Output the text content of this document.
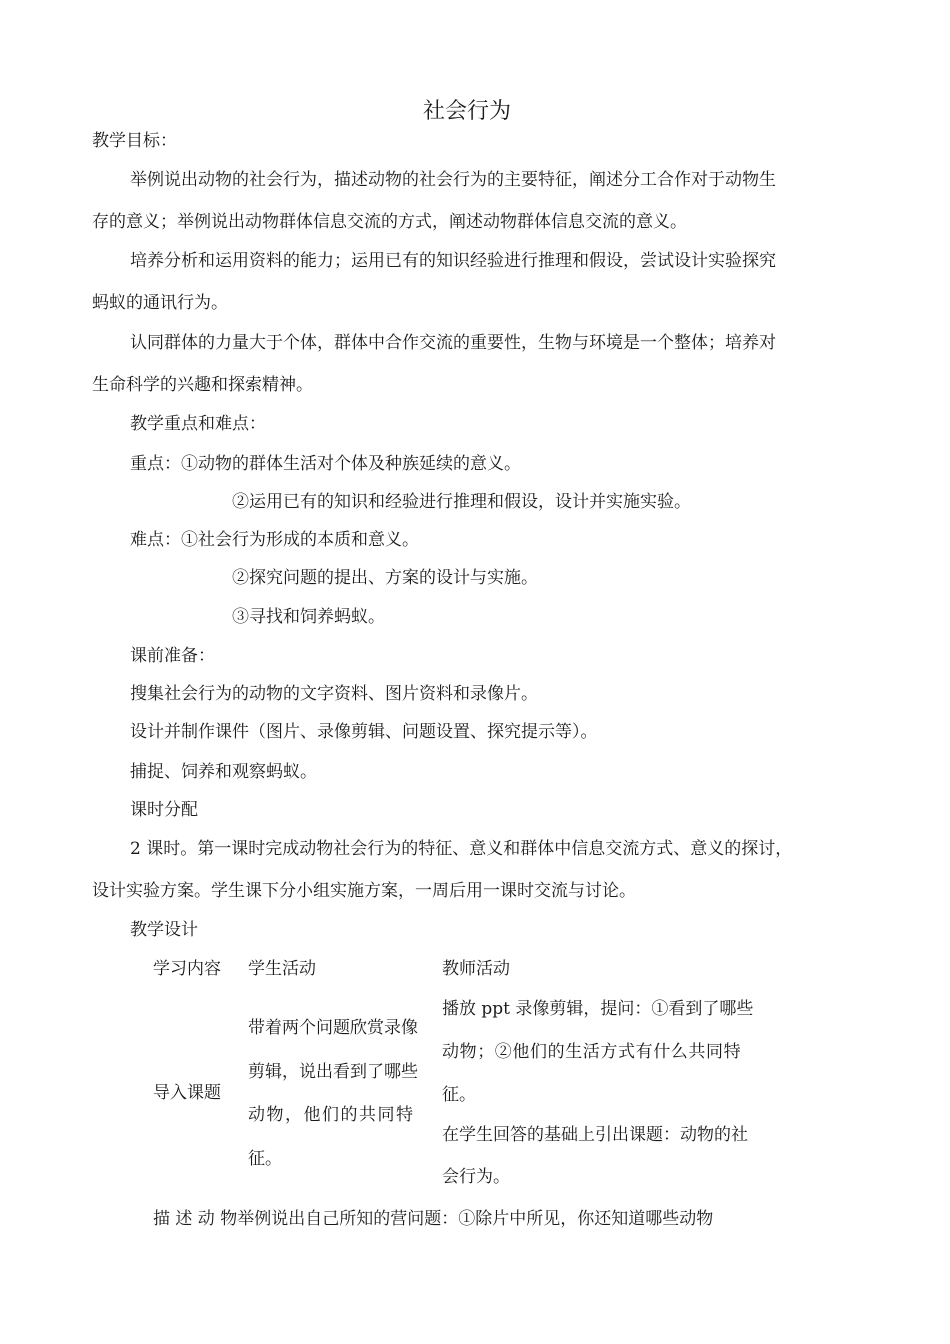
社会行为
教学目标：
举例说出动物的社会行为，描述动物的社会行为的主要特征，阐述分工合作对于动物生
存的意义；举例说出动物群体信息交流的方式，阐述动物群体信息交流的意义。
培养分析和运用资料的能力；运用已有的知识经验进行推理和假设，尝试设计实验探究
蚂蚁的通讯行为。
认同群体的力量大于个体，群体中合作交流的重要性，生物与环境是一个整体；培养对
生命科学的兴趣和探索精神。
教学重点和难点：
重点：①动物的群体生活对个体及种族延续的意义。
②运用已有的知识和经验进行推理和假设，设计并实施实验。
难点：①社会行为形成的本质和意义。
②探究问题的提出、方案的设计与实施。
③寻找和饲养蚂蚁。
课前准备：
搜集社会行为的动物的文字资料、图片资料和录像片。
设计并制作课件（图片、录像剪辑、问题设置、探究提示等）。
捕捉、饲养和观察蚂蚁。
课时分配
2 课时。第一课时完成动物社会行为的特征、意义和群体中信息交流方式、意义的探讨，
设计实验方案。学生课下分小组实施方案，一周后用一课时交流与讨论。
教学设计
学习内容 学生活动	教师活动
导入课题
带着两个问题欣赏录像
剪辑，说出看到了哪些
动物，他们的共同特
征。
播放 ppt 录像剪辑，提问：①看到了哪些
动物；②他们的生活方式有什么共同特
征。
在学生回答的基础上引出课题：动物的社
会行为。
描 述 动 物举例说出自己所知的营问题：①除片中所见，你还知道哪些动物
